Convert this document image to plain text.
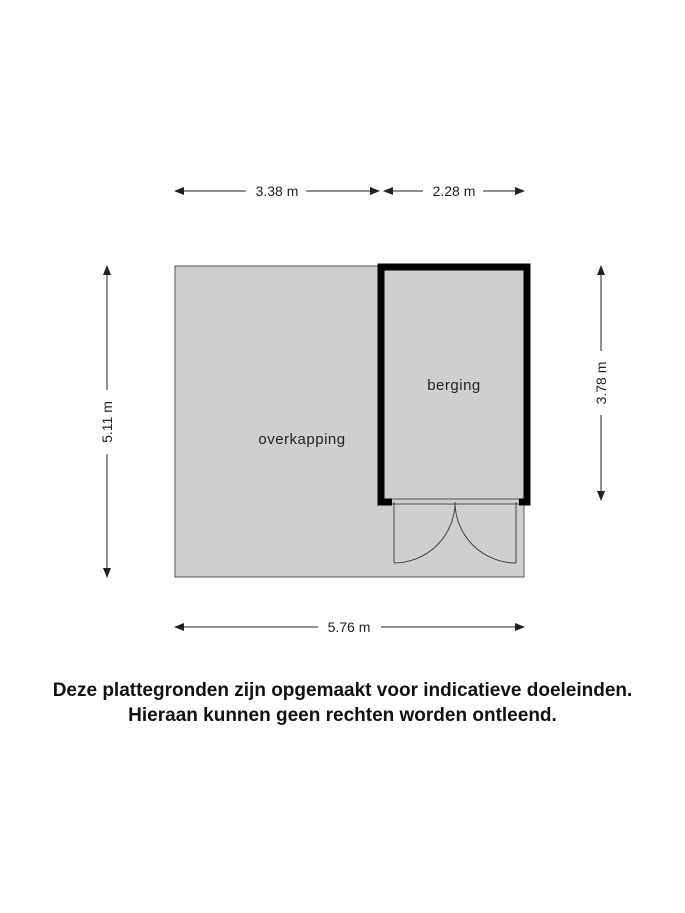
overkapping
berging
3.38 m	2.28 m
5.11 m
3.78 m
5.76 m
Deze plattegronden zijn opgemaakt voor indicatieve doeleinden.
Hieraan kunnen geen rechten worden ontleend.
